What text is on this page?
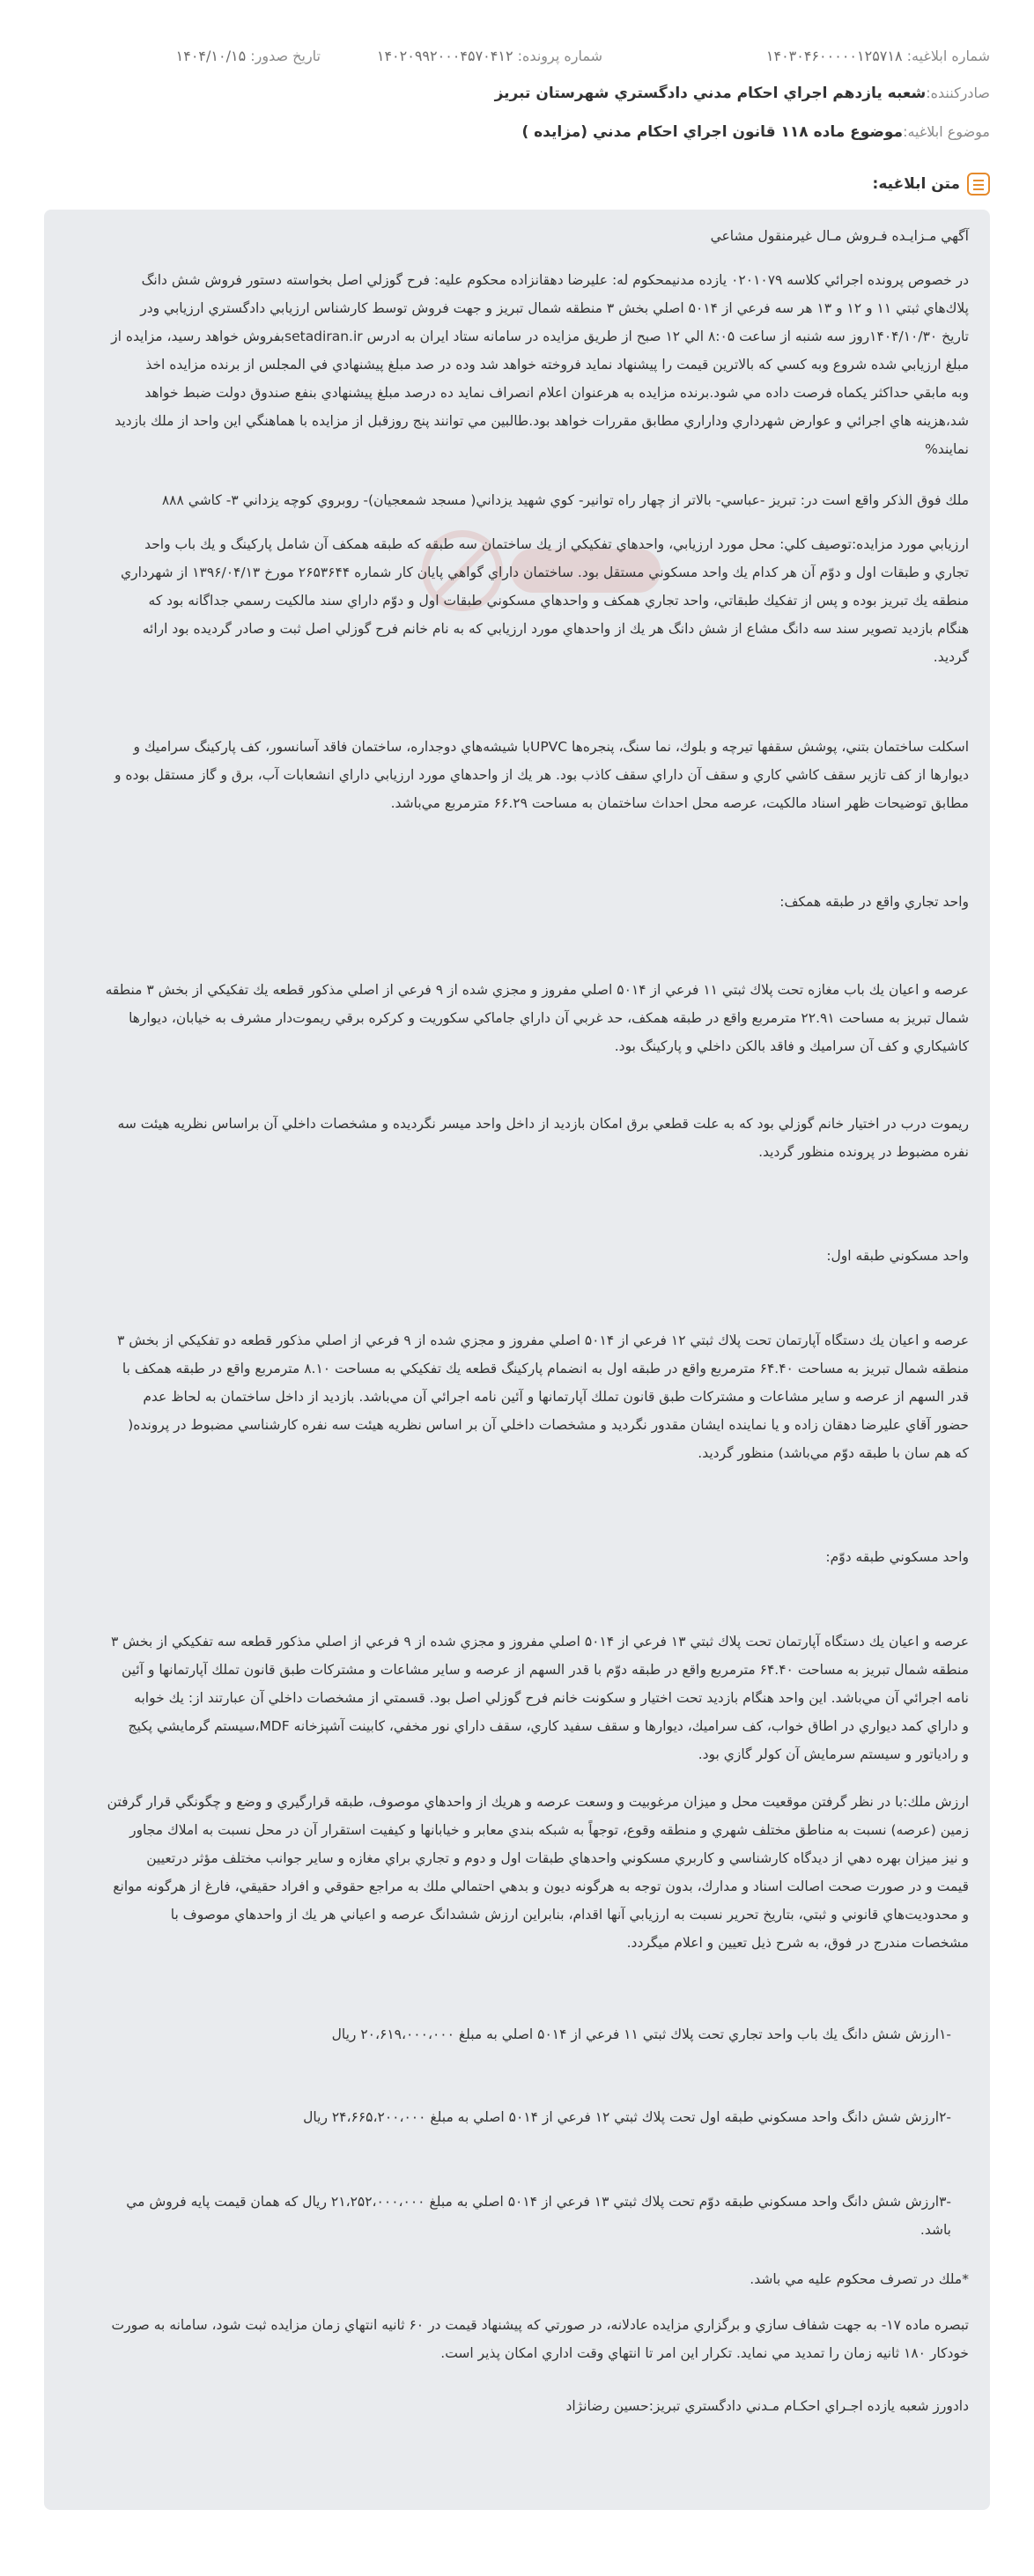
شماره ابلاغیه: ۱۴۰۳۰۴۶۰۰۰۰۰۱۲۵۷۱۸
شماره پرونده: ۱۴۰۲۰۹۹۲۰۰۰۴۵۷۰۴۱۲
تاریخ صدور: ۱۴۰۴/۱۰/۱۵
صادرکننده:
شعبه يازدهم اجراي احكام مدني دادگستري شهرستان تبريز
موضوع ابلاغیه:
موضوع ماده ۱۱۸ قانون اجراي احكام مدني (مزايده )
متن ابلاغیه:
آگهي مـزايـده فـروش مـال غيرمنقول مشاعي
در خصوص پرونده اجرائي كلاسه ۰۲۰۱۰۷۹ يازده مدنيمحكوم له: عليرضا دهقانزاده محكوم عليه: فرح گوزلي اصل بخواسته دستور فروش شش دانگ
پلاك‌هاي ثبتي ۱۱ و ۱۲ و ۱۳ هر سه فرعي از ۵۰۱۴ اصلي بخش ۳ منطقه شمال تبريز و جهت فروش توسط كارشناس ارزيابي دادگستري ارزيابي ودر
تاريخ ۱۴۰۴/۱۰/۳۰روز سه شنبه از ساعت ۸:۰۵ الي ۱۲ صبح از طريق مزايده در سامانه ستاد ايران به ادرس setadiran.irبفروش خواهد رسيد، مزايده از
مبلغ ارزيابي شده شروع وبه كسي كه بالاترين قيمت را پيشنهاد نمايد فروخته خواهد شد وده در صد مبلغ پيشنهادي في المجلس از برنده مزايده اخذ
وبه مابقي حداكثر يكماه فرصت داده مي شود.برنده مزايده به هرعنوان اعلام انصراف نمايد ده درصد مبلغ پيشنهادي بنفع صندوق دولت ضبط خواهد
شد،هزينه هاي اجرائي و عوارض شهرداري وداراري مطابق مقررات خواهد بود.طالبين مي توانند پنج روزقبل از مزايده با هماهنگي اين واحد از ملك بازديد
نمايند%
ملك فوق الذكر واقع است در: تبريز -عباسي- بالاتر از چهار راه توانير- كوي شهيد يزداني( مسجد شمعجيان)- روبروي كوچه يزداني ۳- كاشي ۸۸۸
ارزيابي مورد مزايده:توصيف كلي: محل مورد ارزيابي، واحدهاي تفكيكي از يك ساختمان سه طبقه كه طبقه همكف آن شامل پاركينگ و يك باب واحد
تجاري و طبقات اول و دوّم آن هر كدام يك واحد مسكوني مستقل بود. ساختمان داراي گواهي پايان كار شماره ۲۶۵۳۶۴۴ مورخ ۱۳۹۶/۰۴/۱۳ از شهرداري
منطقه يك تبريز بوده و پس از تفكيك طبقاتي، واحد تجاري همكف و واحدهاي مسكوني طبقات اول و دوّم داراي سند مالكيت رسمي جداگانه بود كه
هنگام بازديد تصوير سند سه دانگ مشاع از شش دانگ هر يك از واحدهاي مورد ارزيابي كه به نام خانم فرح گوزلي اصل ثبت و صادر گرديده بود ارائه
گرديد.
اسكلت ساختمان بتني، پوشش سقفها تيرچه و بلوك، نما سنگ، پنجره‌ها UPVCبا شيشه‌هاي دوجداره، ساختمان فاقد آسانسور، كف پاركينگ سراميك و
ديوارها از كف تازير سقف كاشي كاري و سقف آن داراي سقف كاذب بود. هر يك از واحدهاي مورد ارزيابي داراي انشعابات آب، برق و گاز مستقل بوده و
مطابق توضيحات ظهر اسناد مالكيت، عرصه محل احداث ساختمان به مساحت ۶۶.۲۹ مترمربع مي‌باشد.
واحد تجاري واقع در طبقه همكف:
عرصه و اعيان يك باب مغازه تحت پلاك ثبتي ۱۱ فرعي از ۵۰۱۴ اصلي مفروز و مجزي شده از ۹ فرعي از اصلي مذكور قطعه يك تفكيكي از بخش ۳ منطقه
شمال تبريز به مساحت ۲۲.۹۱ مترمربع واقع در طبقه همكف، حد غربي آن داراي جاماكي سكوريت و كركره برقي ريموت‌دار مشرف به خيابان، ديوارها
كاشيكاري و كف آن سراميك و فاقد بالكن داخلي و پاركينگ بود.
ريموت درب در اختيار خانم گوزلي بود كه به علت قطعي برق امكان بازديد از داخل واحد ميسر نگرديده و مشخصات داخلي آن براساس نظريه هيئت سه
نفره مضبوط در پرونده منظور گرديد.
واحد مسكوني طبقه اول:
عرصه و اعيان يك دستگاه آپارتمان تحت پلاك ثبتي ۱۲ فرعي از ۵۰۱۴ اصلي مفروز و مجزي شده از ۹ فرعي از اصلي مذكور قطعه دو تفكيكي از بخش ۳
منطقه شمال تبريز به مساحت ۶۴.۴۰ مترمربع واقع در طبقه اول به انضمام پاركينگ قطعه يك تفكيكي به مساحت ۸.۱۰ مترمربع واقع در طبقه همكف با
قدر السهم از عرصه و ساير مشاعات و مشتركات طبق قانون تملك آپارتمانها و آئين نامه اجرائي آن مي‌باشد. بازديد از داخل ساختمان به لحاظ عدم
حضور آقاي عليرضا دهقان زاده و يا نماينده ايشان مقدور نگرديد و مشخصات داخلي آن بر اساس نظريه هيئت سه نفره كارشناسي مضبوط در پرونده(
كه هم سان با طبقه دوّم مي‌باشد) منظور گرديد.
واحد مسكوني طبقه دوّم:
عرصه و اعيان يك دستگاه آپارتمان تحت پلاك ثبتي ۱۳ فرعي از ۵۰۱۴ اصلي مفروز و مجزي شده از ۹ فرعي از اصلي مذكور قطعه سه تفكيكي از بخش ۳
منطقه شمال تبريز به مساحت ۶۴.۴۰ مترمربع واقع در طبقه دوّم با قدر السهم از عرصه و ساير مشاعات و مشتركات طبق قانون تملك آپارتمانها و آئين
نامه اجرائي آن مي‌باشد. اين واحد هنگام بازديد تحت اختيار و سكونت خانم فرح گوزلي اصل بود. قسمتي از مشخصات داخلي آن عبارتند از: يك خوابه
و داراي كمد ديواري در اطاق خواب، كف سراميك، ديوارها و سقف سفيد كاري، سقف داراي نور مخفي، كابينت آشپزخانه MDF،سيستم گرمايشي پكيج
و رادياتور و سيستم سرمايش آن كولر گازي بود.
ارزش ملك:با در نظر گرفتن موقعيت محل و ميزان مرغوبيت و وسعت عرصه و هريك از واحدهاي موصوف، طبقه قرارگيري و وضع و چگونگي قرار گرفتن
زمين (عرصه) نسبت به مناطق مختلف شهري و منطقه وقوع، توجهاً به شبكه بندي معابر و خيابانها و كيفيت استقرار آن در محل نسبت به املاك مجاور
و نيز ميزان بهره دهي از ديدگاه كارشناسي و كاربري مسكوني واحدهاي طبقات اول و دوم و تجاري براي مغازه و ساير جوانب مختلف مؤثر درتعيين
قيمت و در صورت صحت اصالت اسناد و مدارك، بدون توجه به هرگونه ديون و بدهي احتمالي ملك به مراجع حقوقي و افراد حقيقي، فارغ از هرگونه موانع
و محدوديت‌هاي قانوني و ثبتي، بتاريخ تحرير نسبت به ارزيابي آنها اقدام، بنابراين ارزش ششدانگ عرصه و اعياني هر يك از واحدهاي موصوف با
مشخصات مندرج در فوق، به شرح ذيل تعيين و اعلام ميگردد.
-۱ارزش شش دانگ يك باب واحد تجاري تحت پلاك ثبتي ۱۱ فرعي از ۵۰۱۴ اصلي به مبلغ ۲۰،۶۱۹،۰۰۰،۰۰۰ ريال
-۲ارزش شش دانگ واحد مسكوني طبقه اول تحت پلاك ثبتي ۱۲ فرعي از ۵۰۱۴ اصلي به مبلغ ۲۴،۶۶۵،۲۰۰،۰۰۰ ريال
-۳ارزش شش دانگ واحد مسكوني طبقه دوّم تحت پلاك ثبتي ۱۳ فرعي از ۵۰۱۴ اصلي به مبلغ ۲۱،۲۵۲،۰۰۰،۰۰۰ ريال كه همان قيمت پايه فروش مي
باشد.
*ملك در تصرف محكوم عليه مي باشد.
تبصره ماده ۱۷- به جهت شفاف سازي و برگزاري مزايده عادلانه، در صورتي كه پيشنهاد قيمت در ۶۰ ثانيه انتهاي زمان مزايده ثبت شود، سامانه به صورت
خودكار ۱۸۰ ثانيه زمان را تمديد مي نمايد. تكرار اين امر تا انتهاي وقت اداري امكان پذير است.
دادورز شعبه يازده اجـراي احكـام مـدني دادگستري تبريز:حسين رضانژاد
